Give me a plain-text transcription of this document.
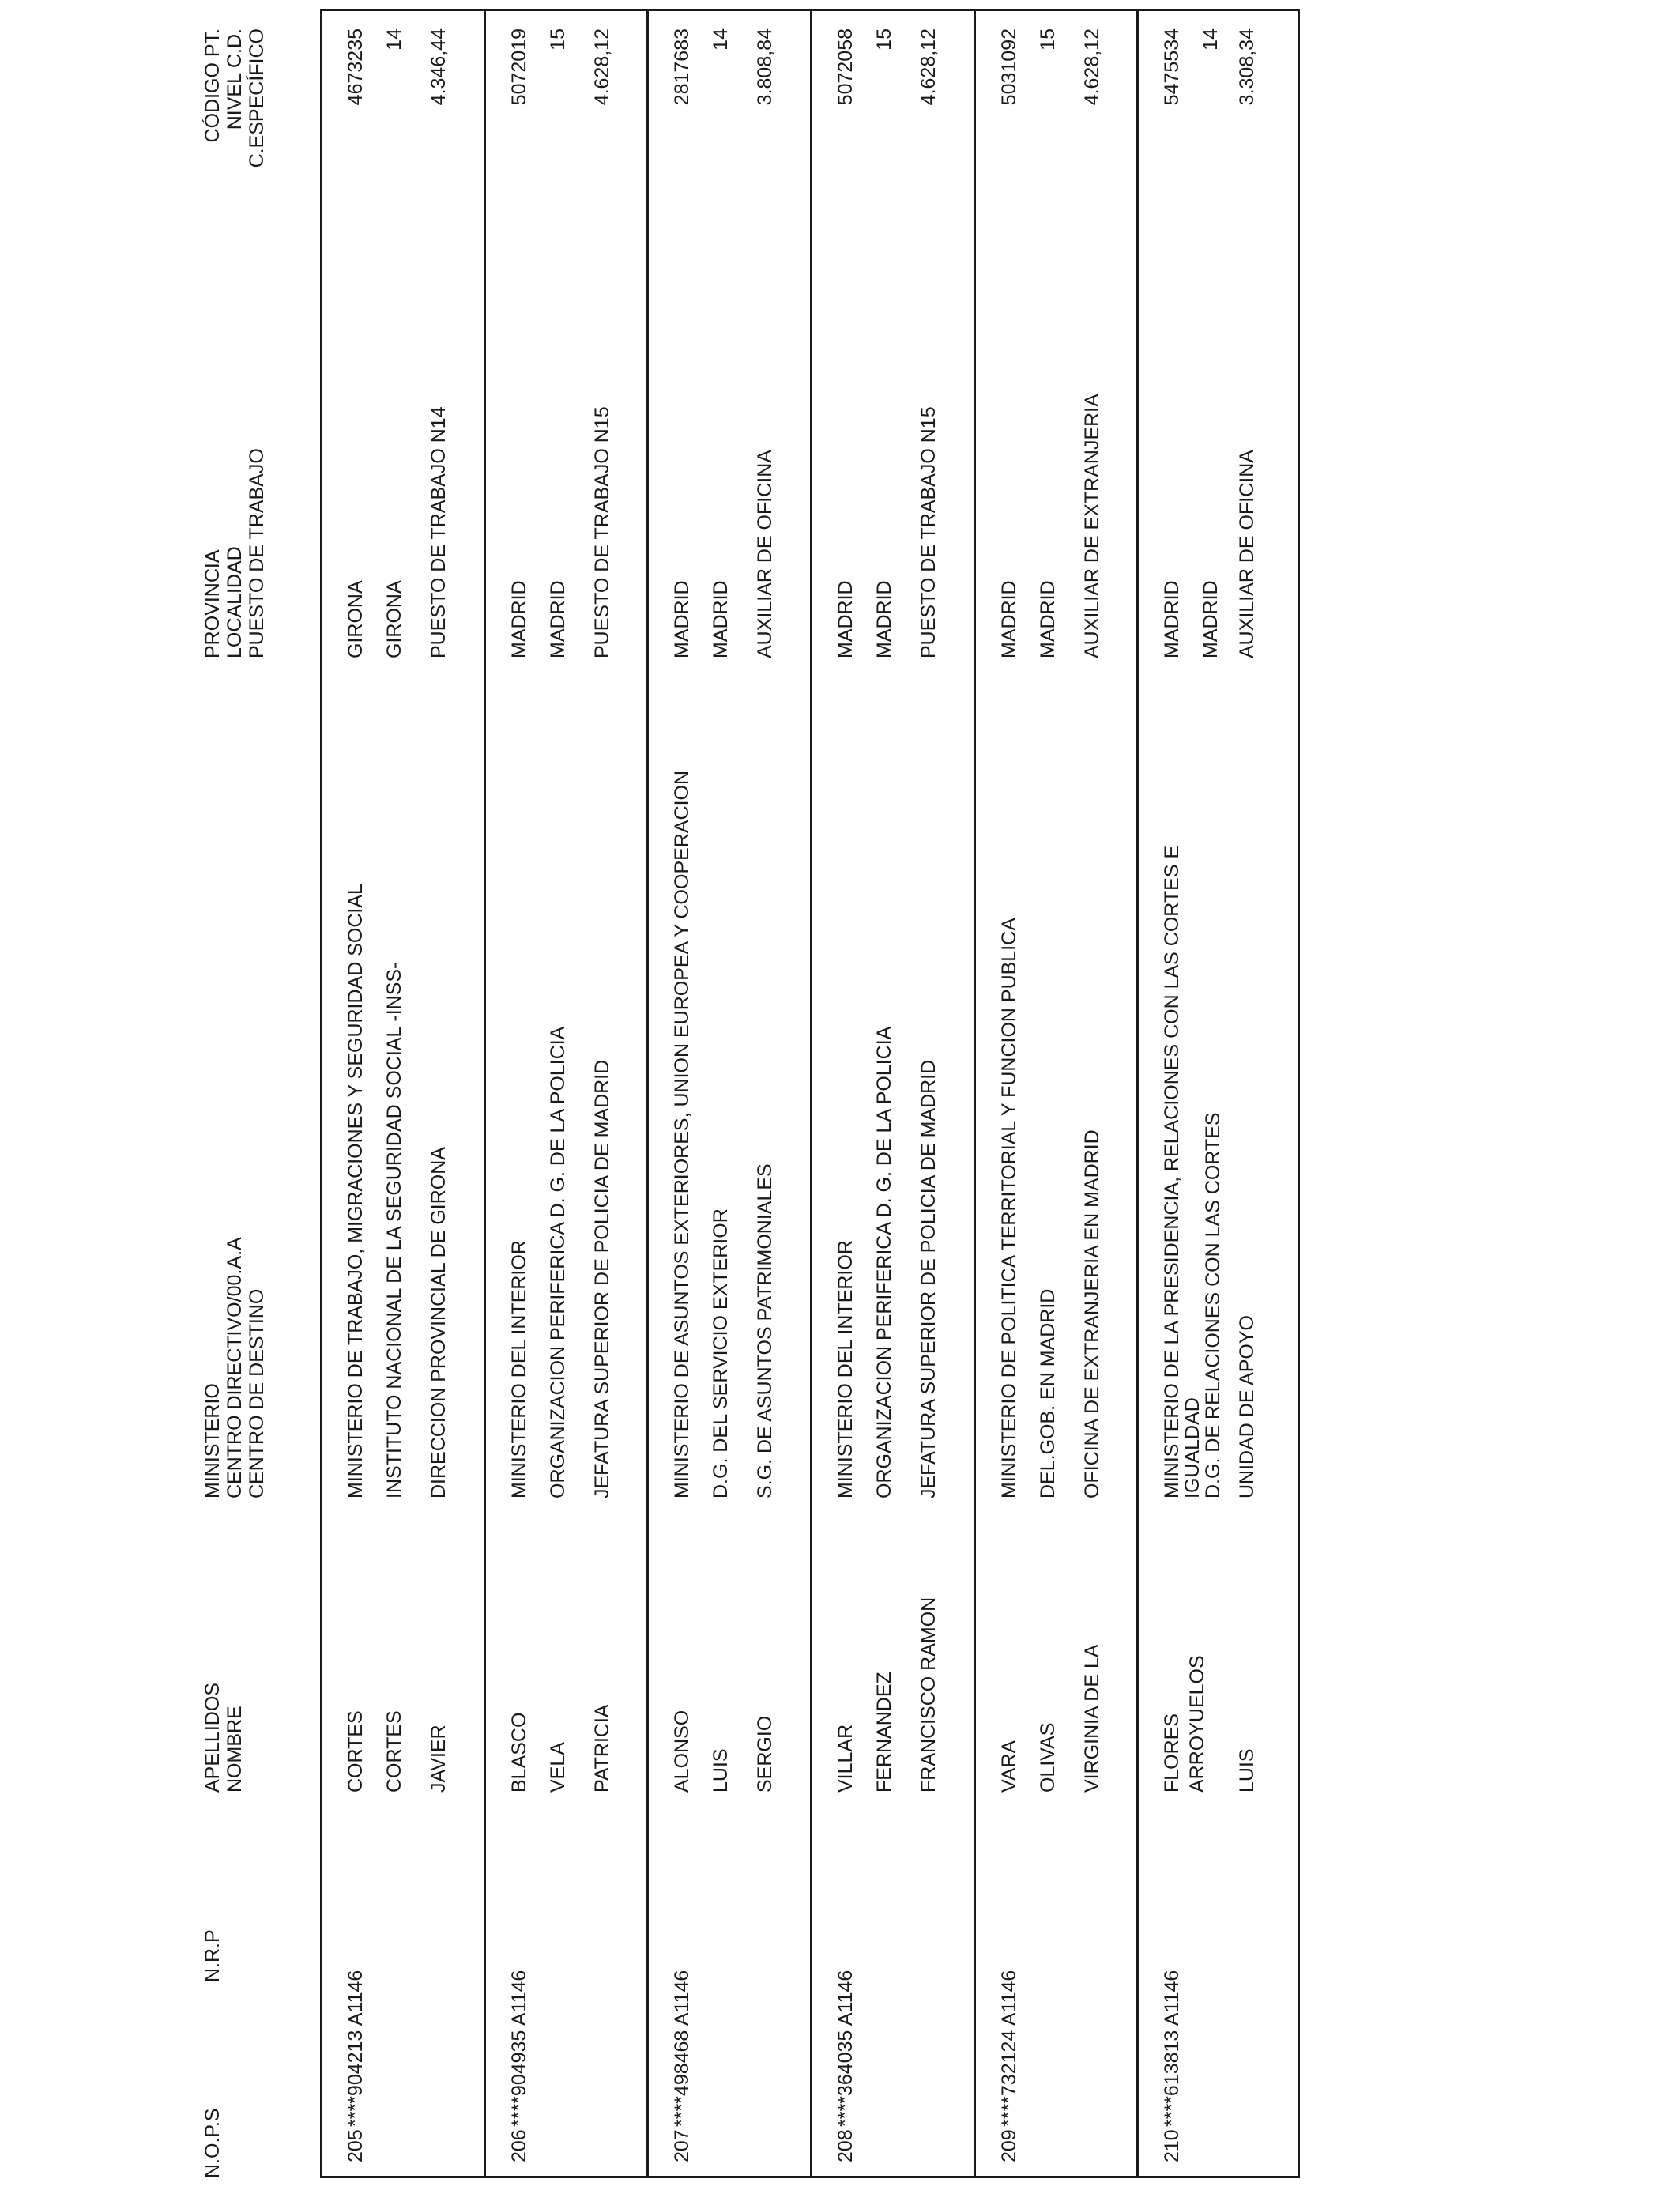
N.O.P.S
N.R.P
APELLIDOS NOMBRE
MINISTERIO CENTRO DIRECTIVO/00.A.A CENTRO DE DESTINO
PROVINCIA LOCALIDAD PUESTO DE TRABAJO
CÓDIGO PT. NIVEL C.D. C.ESPECÍFICO
205
****904213 A1146
CORTES CORTES JAVIER
MINISTERIO DE TRABAJO, MIGRACIONES Y SEGURIDAD SOCIAL INSTITUTO NACIONAL DE LA SEGURIDAD SOCIAL -INSS- DIRECCION PROVINCIAL DE GIRONA
GIRONA GIRONA PUESTO DE TRABAJO N14
4673235 14 4.346,44
206
****904935 A1146
BLASCO VELA PATRICIA
MINISTERIO DEL INTERIOR ORGANIZACION PERIFERICA D. G. DE LA POLICIA JEFATURA SUPERIOR DE POLICIA DE MADRID
MADRID MADRID PUESTO DE TRABAJO N15
5072019 15 4.628,12
207
****498468 A1146
ALONSO LUIS SERGIO
MINISTERIO DE ASUNTOS EXTERIORES, UNION EUROPEA Y COOPERACION D.G. DEL SERVICIO EXTERIOR S.G. DE ASUNTOS PATRIMONIALES
MADRID MADRID AUXILIAR DE OFICINA
2817683 14 3.808,84
208
****364035 A1146
VILLAR FERNANDEZ FRANCISCO RAMON
MINISTERIO DEL INTERIOR ORGANIZACION PERIFERICA D. G. DE LA POLICIA JEFATURA SUPERIOR DE POLICIA DE MADRID
MADRID MADRID PUESTO DE TRABAJO N15
5072058 15 4.628,12
209
****732124 A1146
VARA OLIVAS VIRGINIA DE LA
MINISTERIO DE POLITICA TERRITORIAL Y FUNCION PUBLICA DEL.GOB. EN MADRID OFICINA DE EXTRANJERIA EN MADRID
MADRID MADRID AUXILIAR DE EXTRANJERIA
5031092 15 4.628,12
210
****613813 A1146
FLORES ARROYUELOS LUIS
MINISTERIO DE LA PRESIDENCIA, RELACIONES CON LAS CORTES E
IGUALDAD
D.G. DE RELACIONES CON LAS CORTES UNIDAD DE APOYO
MADRID MADRID AUXILIAR DE OFICINA
5475534 14 3.308,34
